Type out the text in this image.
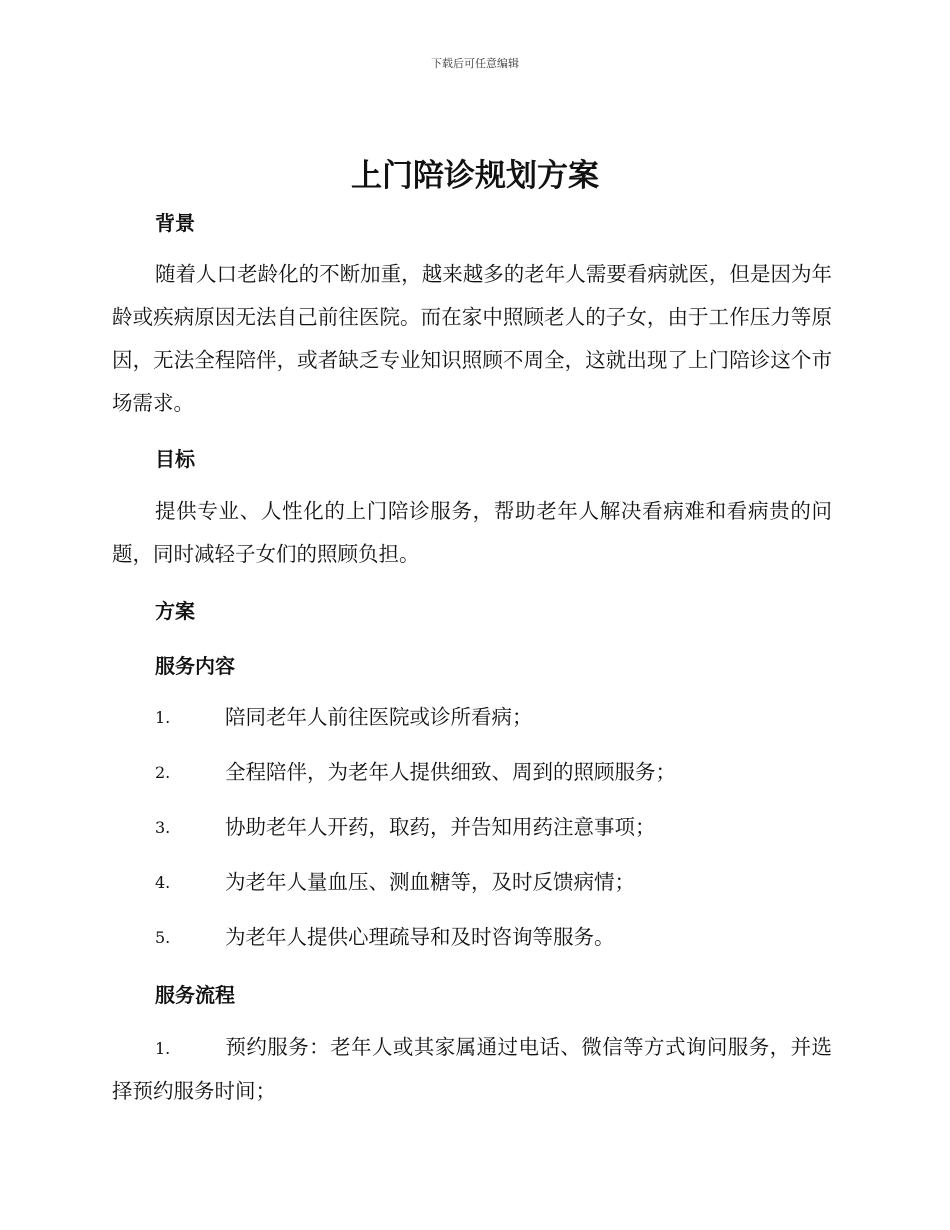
下载后可任意编辑
上门陪诊规划方案
背景

随着人口老龄化的不断加重，越来越多的老年人需要看病就医，但是因为年龄或疾病原因无法自己前往医院。而在家中照顾老人的子女，由于工作压力等原因，无法全程陪伴，或者缺乏专业知识照顾不周全，这就出现了上门陪诊这个市场需求。

目标

提供专业、人性化的上门陪诊服务，帮助老年人解决看病难和看病贵的问题，同时减轻子女们的照顾负担。

方案
服务内容
1.	陪同老年人前往医院或诊所看病；
2.	全程陪伴，为老年人提供细致、周到的照顾服务；
3.	协助老年人开药，取药，并告知用药注意事项；
4.	为老年人量血压、测血糖等，及时反馈病情；
5.	为老年人提供心理疏导和及时咨询等服务。
服务流程
1.	预约服务：老年人或其家属通过电话、微信等方式询问服务，并选择预约服务时间；
